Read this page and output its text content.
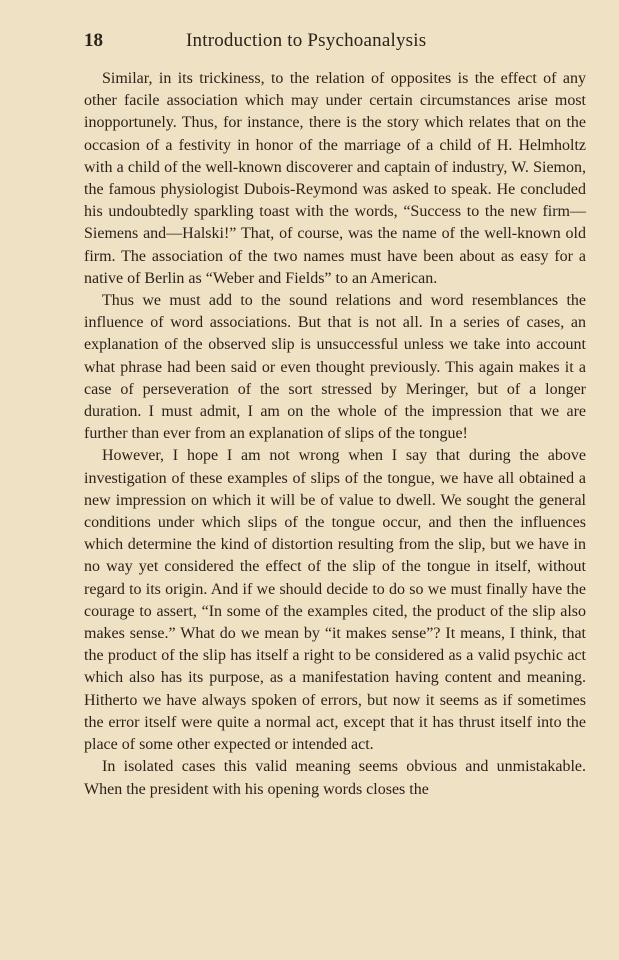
18	Introduction to Psychoanalysis

Similar, in its trickiness, to the relation of opposites is the effect of any other facile association which may under certain circumstances arise most inopportunely. Thus, for instance, there is the story which relates that on the occasion of a festivity in honor of the marriage of a child of H. Helmholtz with a child of the well-known discoverer and captain of industry, W. Siemon, the famous physiologist Dubois-Reymond was asked to speak. He concluded his undoubtedly sparkling toast with the words, “Success to the new firm—Siemens and—Halski!” That, of course, was the name of the well-known old firm. The association of the two names must have been about as easy for a native of Berlin as “Weber and Fields” to an American.

Thus we must add to the sound relations and word resemblances the influence of word associations. But that is not all. In a series of cases, an explanation of the observed slip is unsuccessful unless we take into account what phrase had been said or even thought previously. This again makes it a case of perseveration of the sort stressed by Meringer, but of a longer duration. I must admit, I am on the whole of the impression that we are further than ever from an explanation of slips of the tongue!

However, I hope I am not wrong when I say that during the above investigation of these examples of slips of the tongue, we have all obtained a new impression on which it will be of value to dwell. We sought the general conditions under which slips of the tongue occur, and then the influences which determine the kind of distortion resulting from the slip, but we have in no way yet considered the effect of the slip of the tongue in itself, without regard to its origin. And if we should decide to do so we must finally have the courage to assert, “In some of the examples cited, the product of the slip also makes sense.” What do we mean by “it makes sense”? It means, I think, that the product of the slip has itself a right to be considered as a valid psychic act which also has its purpose, as a manifestation having content and meaning. Hitherto we have always spoken of errors, but now it seems as if sometimes the error itself were quite a normal act, except that it has thrust itself into the place of some other expected or intended act.

In isolated cases this valid meaning seems obvious and unmistakable. When the president with his opening words closes the
